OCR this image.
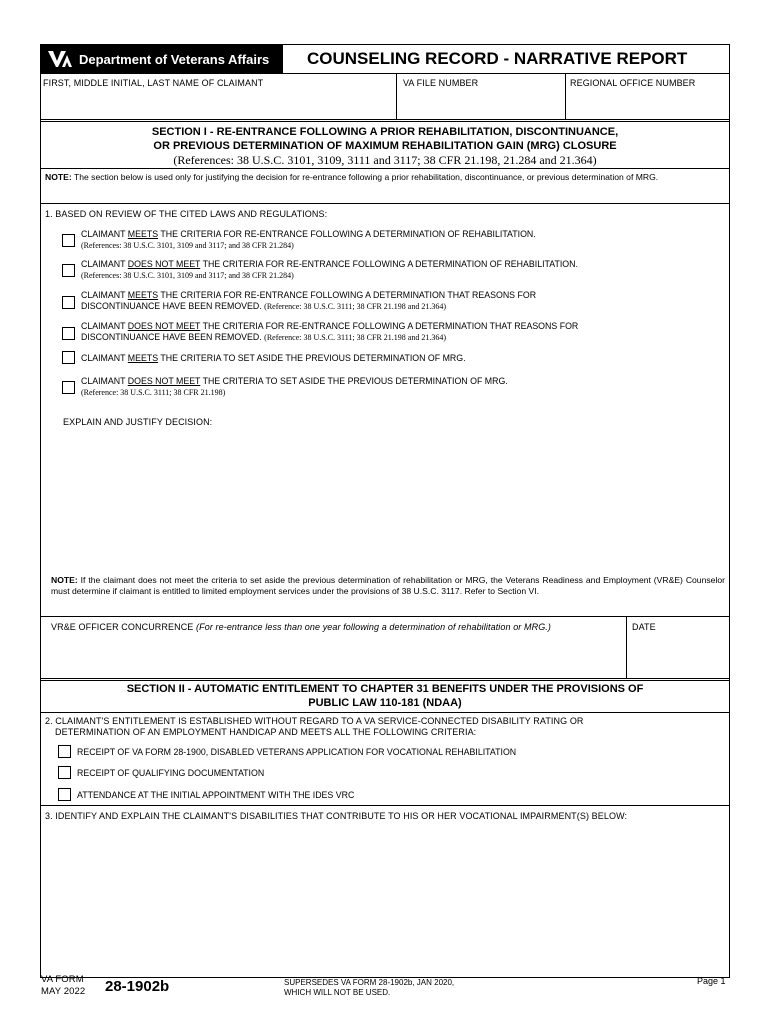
Department of Veterans Affairs COUNSELING RECORD - NARRATIVE REPORT
FIRST, MIDDLE INITIAL, LAST NAME OF CLAIMANT	VA FILE NUMBER	REGIONAL OFFICE NUMBER
SECTION I - RE-ENTRANCE FOLLOWING A PRIOR REHABILITATION, DISCONTINUANCE,
OR PREVIOUS DETERMINATION OF MAXIMUM REHABILITATION GAIN (MRG) CLOSURE
(References: 38 U.S.C. 3101, 3109, 3111 and 3117; 38 CFR 21.198, 21.284 and 21.364)
NOTE: The section below is used only for justifying the decision for re-entrance following a prior rehabilitation, discontinuance, or previous determination of MRG.
1. BASED ON REVIEW OF THE CITED LAWS AND REGULATIONS:
CLAIMANT MEETS THE CRITERIA FOR RE-ENTRANCE FOLLOWING A DETERMINATION OF REHABILITATION.
(References: 38 U.S.C. 3101, 3109 and 3117; and 38 CFR 21.284)
CLAIMANT DOES NOT MEET THE CRITERIA FOR RE-ENTRANCE FOLLOWING A DETERMINATION OF REHABILITATION.
(References: 38 U.S.C. 3101, 3109 and 3117; and 38 CFR 21.284)
CLAIMANT MEETS THE CRITERIA FOR RE-ENTRANCE FOLLOWING A DETERMINATION THAT REASONS FOR
DISCONTINUANCE HAVE BEEN REMOVED. (Reference: 38 U.S.C. 3111; 38 CFR 21.198 and 21.364)
CLAIMANT DOES NOT MEET THE CRITERIA FOR RE-ENTRANCE FOLLOWING A DETERMINATION THAT REASONS FOR
DISCONTINUANCE HAVE BEEN REMOVED. (Reference: 38 U.S.C. 3111; 38 CFR 21.198 and 21.364)
CLAIMANT MEETS THE CRITERIA TO SET ASIDE THE PREVIOUS DETERMINATION OF MRG.
CLAIMANT DOES NOT MEET THE CRITERIA TO SET ASIDE THE PREVIOUS DETERMINATION OF MRG.
(Reference: 38 U.S.C. 3111; 38 CFR 21.198)
EXPLAIN AND JUSTIFY DECISION:
NOTE: If the claimant does not meet the criteria to set aside the previous determination of rehabilitation or MRG, the Veterans Readiness and Employment (VR&E) Counselor must determine if claimant is entitled to limited employment services under the provisions of 38 U.S.C. 3117. Refer to Section VI.
VR&E OFFICER CONCURRENCE (For re-entrance less than one year following a determination of rehabilitation or MRG.)	DATE
SECTION II - AUTOMATIC ENTITLEMENT TO CHAPTER 31 BENEFITS UNDER THE PROVISIONS OF
PUBLIC LAW 110-181 (NDAA)
2. CLAIMANT'S ENTITLEMENT IS ESTABLISHED WITHOUT REGARD TO A VA SERVICE-CONNECTED DISABILITY RATING OR
DETERMINATION OF AN EMPLOYMENT HANDICAP AND MEETS ALL THE FOLLOWING CRITERIA:
RECEIPT OF VA FORM 28-1900, DISABLED VETERANS APPLICATION FOR VOCATIONAL REHABILITATION
RECEIPT OF QUALIFYING DOCUMENTATION
ATTENDANCE AT THE INITIAL APPOINTMENT WITH THE IDES VRC
3. IDENTIFY AND EXPLAIN THE CLAIMANT'S DISABILITIES THAT CONTRIBUTE TO HIS OR HER VOCATIONAL IMPAIRMENT(S) BELOW:
VA FORM
MAY 2022 28-1902b	SUPERSEDES VA FORM 28-1902b, JAN 2020,
WHICH WILL NOT BE USED.
Page 1
